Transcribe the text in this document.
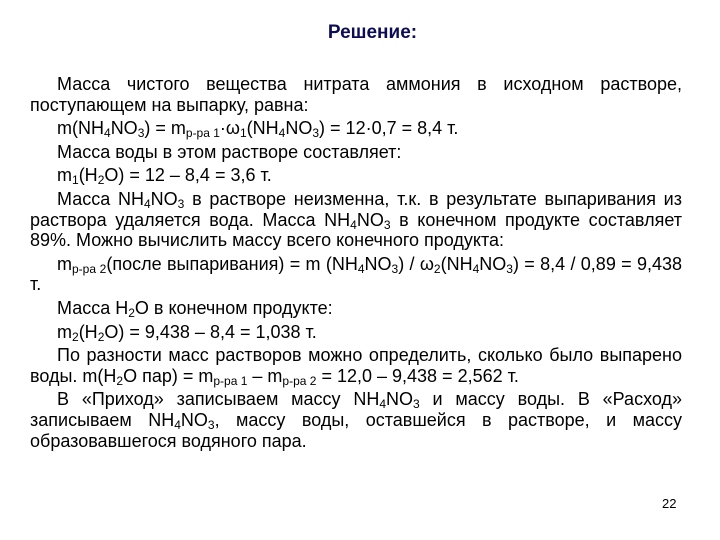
Решение:

Масса чистого вещества нитрата аммония в исходном растворе, поступающем на выпарку, равна:

$m(NH_4NO_3) = m_{р-ра 1}\cdot\omega_1(NH_4NO_3) = 12\cdot 0,7 = 8,4$ т.

Масса воды в этом растворе составляет:

$m_1(H_2O) = 12 - 8,4 = 3,6$ т.

Масса $NH_4NO_3$ в растворе неизменна, т.к. в результате выпаривания из раствора удаляется вода. Масса $NH_4NO_3$ в конечном продукте составляет 89%. Можно вычислить массу всего конечного продукта:

$m_{р-ра 2}(после$ выпаривания) = m $(NH_4NO_3) / \omega_2(NH_4NO_3) = 8,4 / 0,89 = 9,438$ т.

Масса $H_2O$ в конечном продукте:

$m_2(H_2O) = 9,438 - 8,4 = 1,038$ т.

По разности масс растворов можно определить, сколько было выпарено воды. $m(H_2O$ $пар) = m_{р-ра 1} - m_{р-ра 2} = 12,0 - 9,438 = 2,562$ т.

В «Приход» записываем массу $NH_4NO_3$ и массу воды. В «Расход» записываем $NH_4NO_3$, массу воды, оставшейся в растворе, и массу образовавшегося водяного пара.

22
